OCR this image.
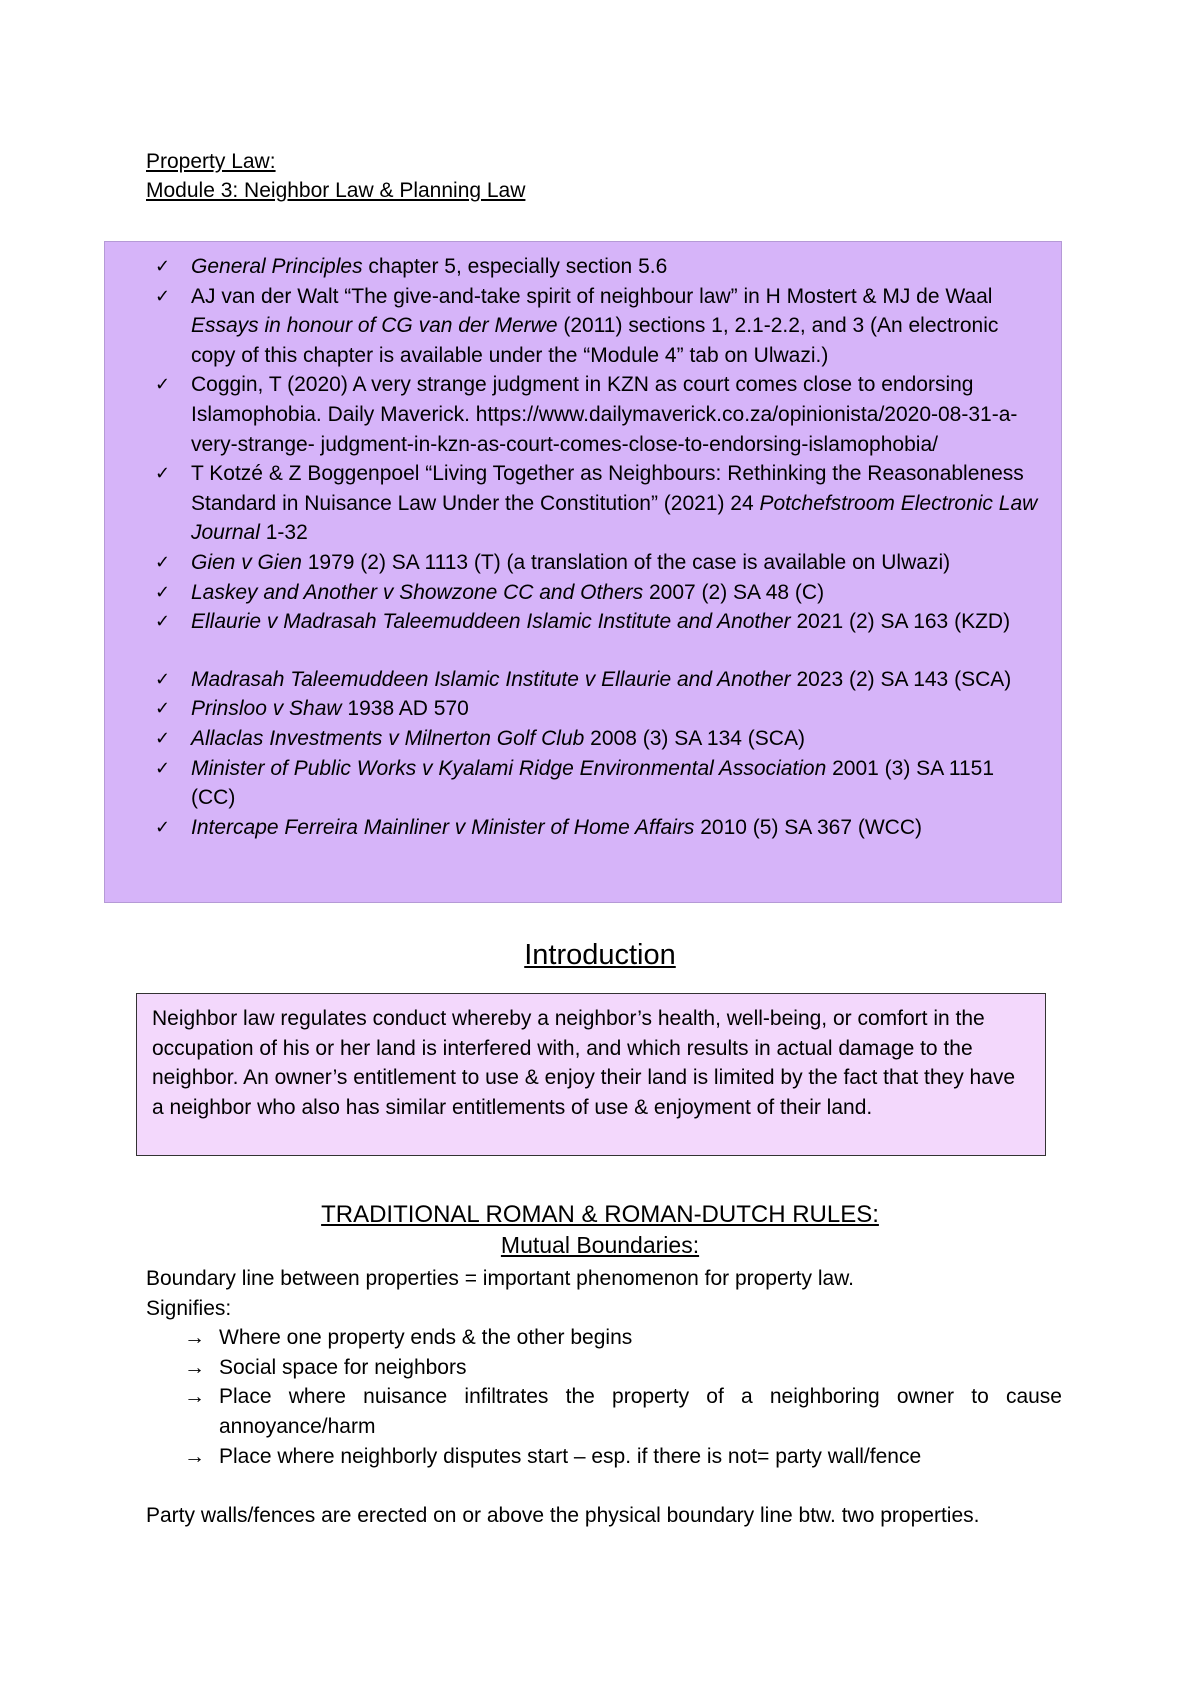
Property Law:
Module 3: Neighbor Law & Planning Law
✓ General Principles chapter 5, especially section 5.6
✓ AJ van der Walt “The give-and-take spirit of neighbour law” in H Mostert & MJ de Waal Essays in honour of CG van der Merwe (2011) sections 1, 2.1-2.2, and 3 (An electronic copy of this chapter is available under the “Module 4” tab on Ulwazi.)
✓ Coggin, T (2020) A very strange judgment in KZN as court comes close to endorsing Islamophobia. Daily Maverick. https://www.dailymaverick.co.za/opinionista/2020-08-31-a-very-strange- judgment-in-kzn-as-court-comes-close-to-endorsing-islamophobia/
✓ T Kotzé & Z Boggenpoel “Living Together as Neighbours: Rethinking the Reasonableness Standard in Nuisance Law Under the Constitution” (2021) 24 Potchefstroom Electronic Law Journal 1-32
✓ Gien v Gien 1979 (2) SA 1113 (T) (a translation of the case is available on Ulwazi)
✓ Laskey and Another v Showzone CC and Others 2007 (2) SA 48 (C)
✓ Ellaurie v Madrasah Taleemuddeen Islamic Institute and Another 2021 (2) SA 163 (KZD)
✓ Madrasah Taleemuddeen Islamic Institute v Ellaurie and Another 2023 (2) SA 143 (SCA)
✓ Prinsloo v Shaw 1938 AD 570
✓ Allaclas Investments v Milnerton Golf Club 2008 (3) SA 134 (SCA)
✓ Minister of Public Works v Kyalami Ridge Environmental Association 2001 (3) SA 1151 (CC)
✓ Intercape Ferreira Mainliner v Minister of Home Affairs 2010 (5) SA 367 (WCC)
Introduction
Neighbor law regulates conduct whereby a neighbor’s health, well-being, or comfort in the occupation of his or her land is interfered with, and which results in actual damage to the neighbor. An owner’s entitlement to use & enjoy their land is limited by the fact that they have a neighbor who also has similar entitlements of use & enjoyment of their land.
TRADITIONAL ROMAN & ROMAN-DUTCH RULES:
Mutual Boundaries:
Boundary line between properties = important phenomenon for property law.
Signifies:
→ Where one property ends & the other begins
→ Social space for neighbors
→ Place where nuisance infiltrates the property of a neighboring owner to cause annoyance/harm
→ Place where neighborly disputes start – esp. if there is not= party wall/fence
Party walls/fences are erected on or above the physical boundary line btw. two properties.
